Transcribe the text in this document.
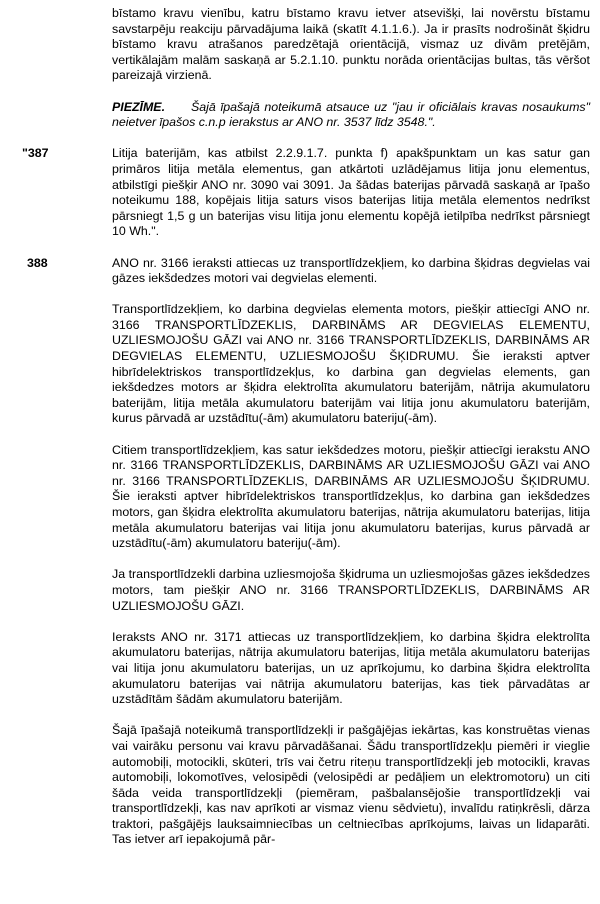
bīstamo kravu vienību, katru bīstamo kravu ietver atsevišķi, lai novērstu bīstamu savstarpēju reakciju pārvadājuma laikā (skatīt 4.1.1.6.). Ja ir prasīts nodrošināt šķidru bīstamo kravu atrašanos paredzētajā orientācijā, vismaz uz divām pretējām, vertikālajām malām saskaņā ar 5.2.1.10. punktu norāda orientācijas bultas, tās vēršot pareizajā virzienā.

PIEZĪME. Šajā īpašajā noteikumā atsauce uz "jau ir oficiālais kravas nosaukums" neietver īpašos c.n.p ierakstus ar ANO nr. 3537 līdz 3548.".

"387	Litija baterijām, kas atbilst 2.2.9.1.7. punkta f) apakšpunktam un kas satur gan primāros litija metāla elementus, gan atkārtoti uzlādējamus litija jonu elementus, atbilstīgi piešķir ANO nr. 3090 vai 3091. Ja šādas baterijas pārvadā saskaņā ar īpašo noteikumu 188, kopējais litija saturs visos baterijas litija metāla elementos nedrīkst pārsniegt 1,5 g un baterijas visu litija jonu elementu kopējā ietilpība nedrīkst pārsniegt 10 Wh.".

388	ANO nr. 3166 ieraksti attiecas uz transportlīdzekļiem, ko darbina šķidras degvielas vai gāzes iekšdedzes motori vai degvielas elementi.

Transportlīdzekļiem, ko darbina degvielas elementa motors, piešķir attiecīgi ANO nr. 3166 TRANSPORTLĪDZEKLIS, DARBINĀMS AR DEGVIELAS ELEMENTU, UZLIESMOJOŠU GĀZI vai ANO nr. 3166 TRANSPORTLĪDZEKLIS, DARBINĀMS AR DEGVIELAS ELEMENTU, UZLIESMOJOŠU ŠĶIDRUMU. Šie ieraksti aptver hibrīdelektriskos transportlīdzekļus, ko darbina gan degvielas elements, gan iekšdedzes motors ar šķidra elektrolīta akumulatoru baterijām, nātrija akumulatoru baterijām, litija metāla akumulatoru baterijām vai litija jonu akumulatoru baterijām, kurus pārvadā ar uzstādītu(-ām) akumulatoru bateriju(-ām).

Citiem transportlīdzekļiem, kas satur iekšdedzes motoru, piešķir attiecīgi ierakstu ANO nr. 3166 TRANSPORTLĪDZEKLIS, DARBINĀMS AR UZLIESMOJOŠU GĀZI vai ANO nr. 3166 TRANSPORTLĪDZEKLIS, DARBINĀMS AR UZLIESMOJOŠU ŠĶIDRUMU. Šie ieraksti aptver hibrīdelektriskos transportlīdzekļus, ko darbina gan iekšdedzes motors, gan šķidra elektrolīta akumulatoru baterijas, nātrija akumulatoru baterijas, litija metāla akumulatoru baterijas vai litija jonu akumulatoru baterijas, kurus pārvadā ar uzstādītu(-ām) akumulatoru bateriju(-ām).

Ja transportlīdzekli darbina uzliesmojoša šķidruma un uzliesmojošas gāzes iekšdedzes motors, tam piešķir ANO nr. 3166 TRANSPORTLĪDZEKLIS, DARBINĀMS AR UZLIESMOJOŠU GĀZI.

Ieraksts ANO nr. 3171 attiecas uz transportlīdzekļiem, ko darbina šķidra elektrolīta akumulatoru baterijas, nātrija akumulatoru baterijas, litija metāla akumulatoru baterijas vai litija jonu akumulatoru baterijas, un uz aprīkojumu, ko darbina šķidra elektrolīta akumulatoru baterijas vai nātrija akumulatoru baterijas, kas tiek pārvadātas ar uzstādītām šādām akumulatoru baterijām.

Šajā īpašajā noteikumā transportlīdzekļi ir pašgājējas iekārtas, kas konstruētas vienas vai vairāku personu vai kravu pārvadāšanai. Šādu transportlīdzekļu piemēri ir vieglie automobiļi, motocikli, skūteri, trīs vai četru riteņu transportlīdzekļi jeb motocikli, kravas automobiļi, lokomotīves, velosipēdi (velosipēdi ar pedāļiem un elektromotoru) un citi šāda veida transportlīdzekļi (piemēram, pašbalansējošie transportlīdzekļi vai transportlīdzekļi, kas nav aprīkoti ar vismaz vienu sēdvietu), invalīdu ratiņkrēsli, dārza traktori, pašgājējs lauksaimniecības un celtniecības aprīkojums, laivas un lidaparāti. Tas ietver arī iepakojumā pār-
